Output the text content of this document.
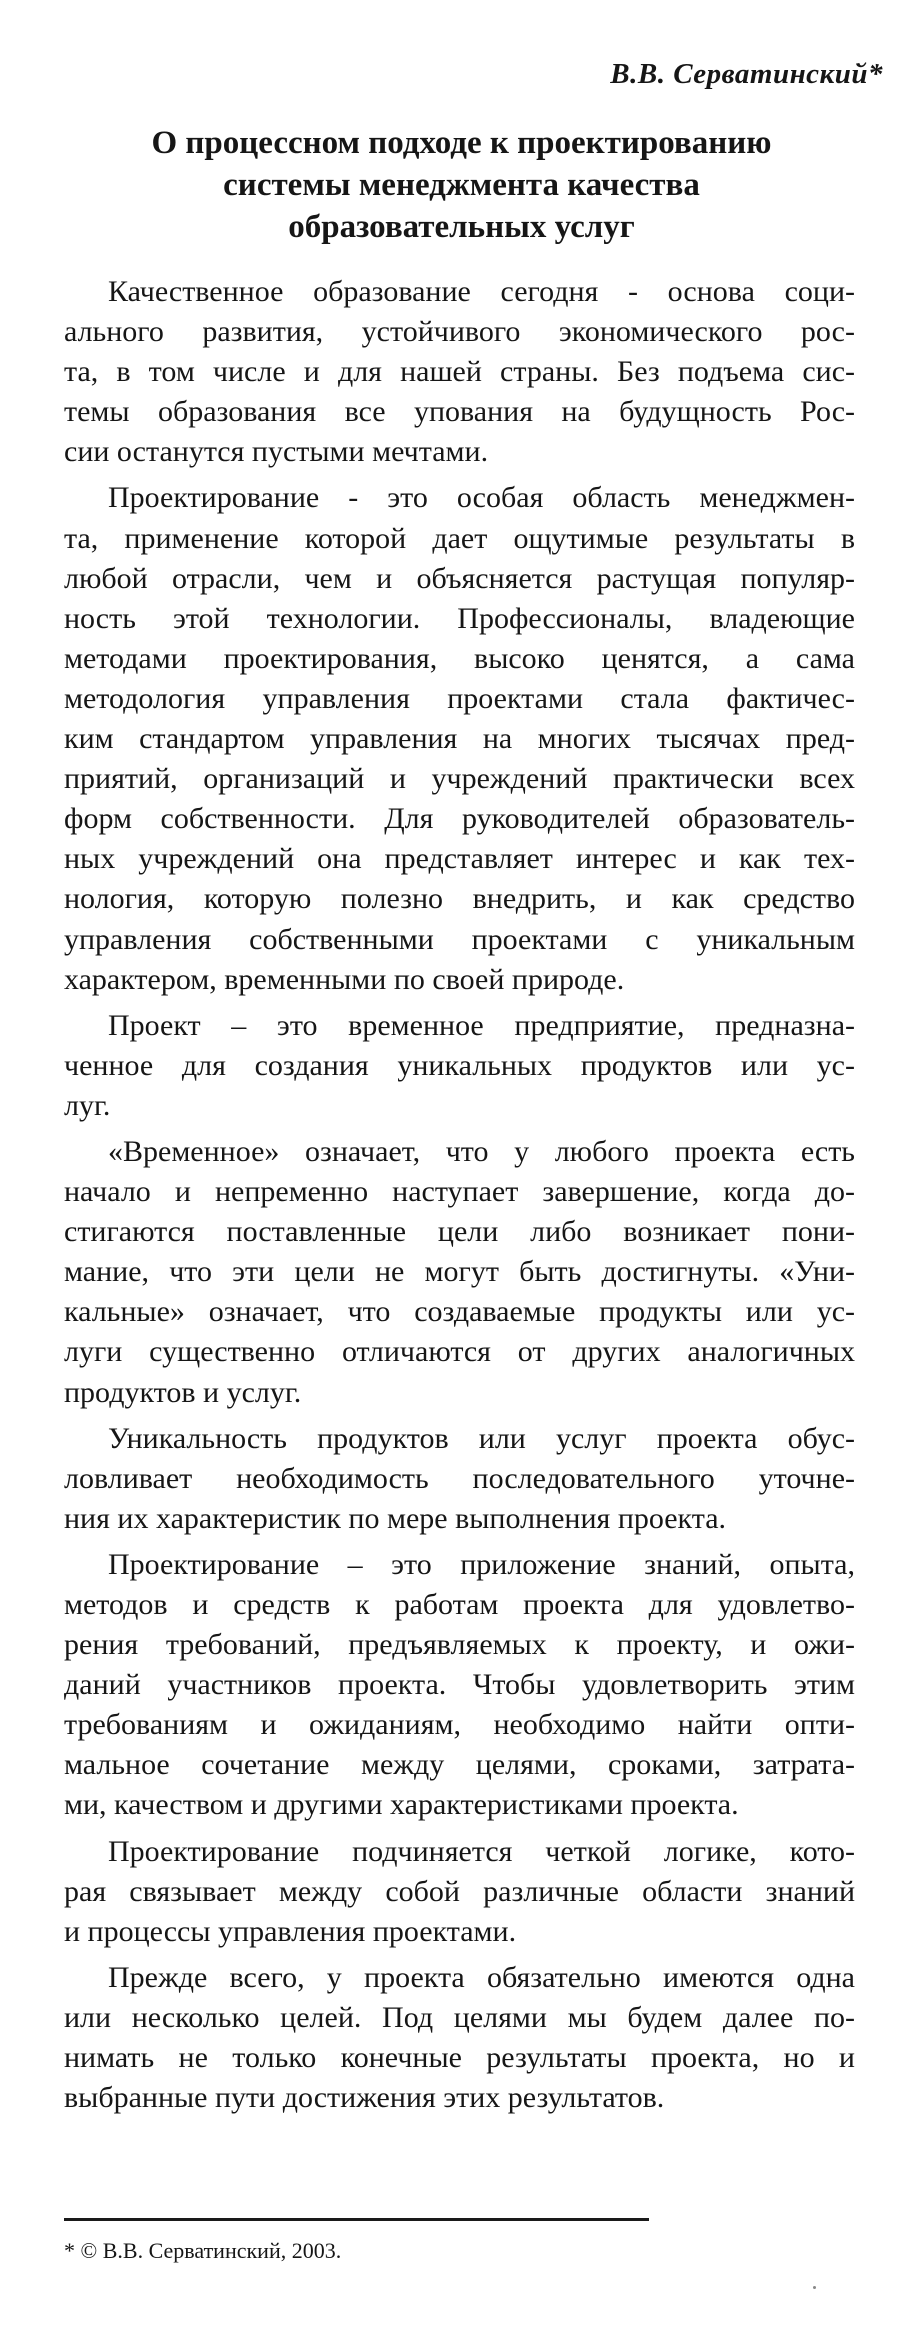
В.В. Серватинский*
О процессном подходе к проектированию
системы менеджмента качества
образовательных услуг
Качественное образование сегодня - основа соци-
ального развития, устойчивого экономического рос-
та, в том числе и для нашей страны. Без подъема сис-
темы образования все упования на будущность Рос-
сии останутся пустыми мечтами.
Проектирование - это особая область менеджмен-
та, применение которой дает ощутимые результаты в
любой отрасли, чем и объясняется растущая популяр-
ность этой технологии. Профессионалы, владеющие
методами проектирования, высоко ценятся, а сама
методология управления проектами стала фактичес-
ким стандартом управления на многих тысячах пред-
приятий, организаций и учреждений практически всех
форм собственности. Для руководителей образователь-
ных учреждений она представляет интерес и как тех-
нология, которую полезно внедрить, и как средство
управления собственными проектами с уникальным
характером, временными по своей природе.
Проект – это временное предприятие, предназна-
ченное для создания уникальных продуктов или ус-
луг.
«Временное» означает, что у любого проекта есть
начало и непременно наступает завершение, когда до-
стигаются поставленные цели либо возникает пони-
мание, что эти цели не могут быть достигнуты. «Уни-
кальные» означает, что создаваемые продукты или ус-
луги существенно отличаются от других аналогичных
продуктов и услуг.
Уникальность продуктов или услуг проекта обус-
ловливает необходимость последовательного уточне-
ния их характеристик по мере выполнения проекта.
Проектирование – это приложение знаний, опыта,
методов и средств к работам проекта для удовлетво-
рения требований, предъявляемых к проекту, и ожи-
даний участников проекта. Чтобы удовлетворить этим
требованиям и ожиданиям, необходимо найти опти-
мальное сочетание между целями, сроками, затрата-
ми, качеством и другими характеристиками проекта.
Проектирование подчиняется четкой логике, кото-
рая связывает между собой различные области знаний
и процессы управления проектами.
Прежде всего, у проекта обязательно имеются одна
или несколько целей. Под целями мы будем далее по-
нимать не только конечные результаты проекта, но и
выбранные пути достижения этих результатов.
* © В.В. Серватинский, 2003.
